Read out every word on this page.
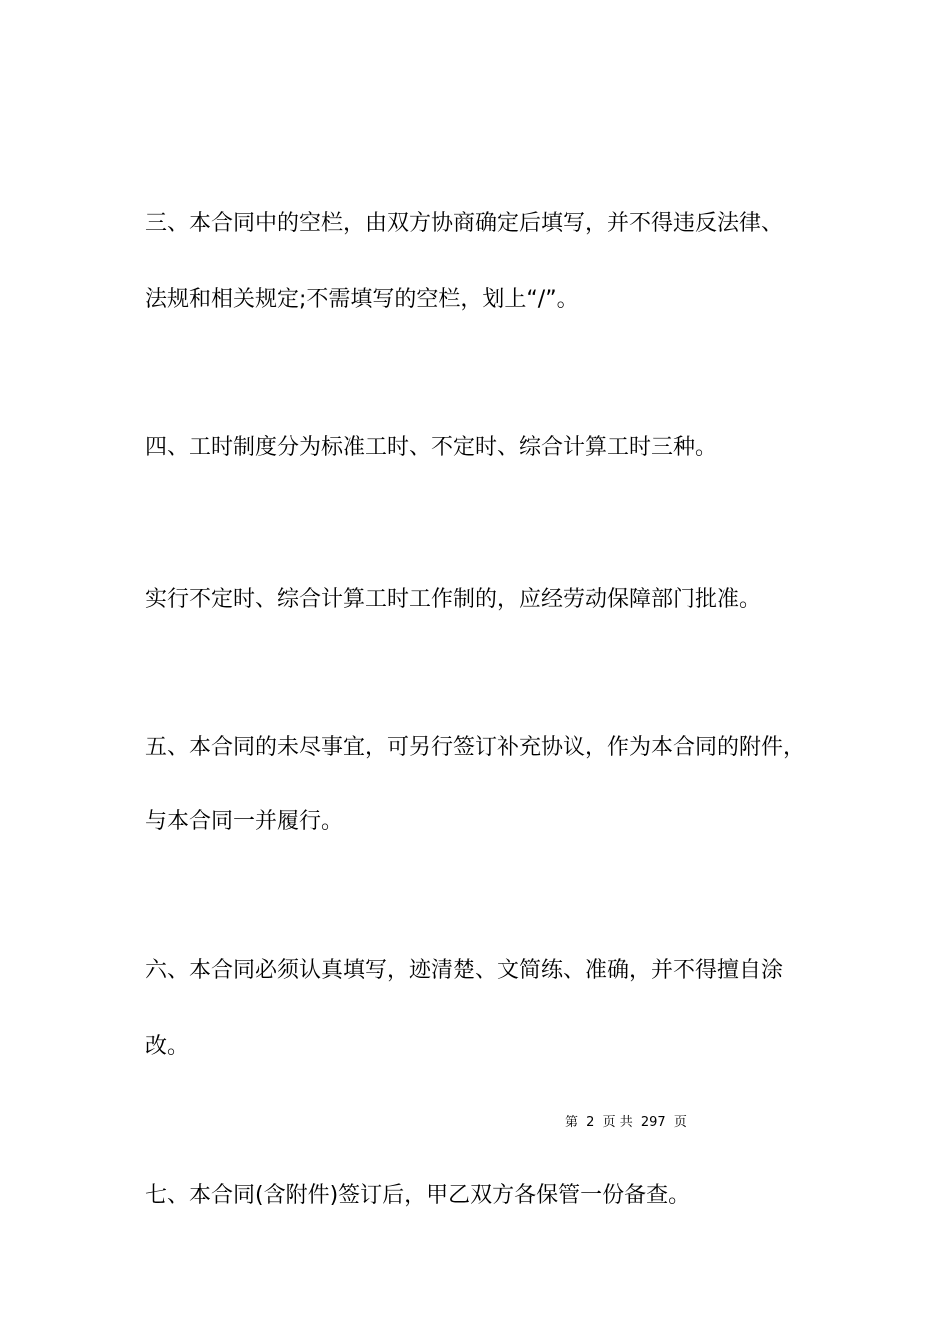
三、本合同中的空栏，由双方协商确定后填写，并不得违反法律、

法规和相关规定;不需填写的空栏，划上“/”。

四、工时制度分为标准工时、不定时、综合计算工时三种。

实行不定时、综合计算工时工作制的，应经劳动保障部门批准。

五、本合同的未尽事宜，可另行签订补充协议，作为本合同的附件，

与本合同一并履行。

六、本合同必须认真填写，迹清楚、文简练、准确，并不得擅自涂

改。

第 2 页 共 297 页

七、本合同(含附件)签订后，甲乙双方各保管一份备查。
